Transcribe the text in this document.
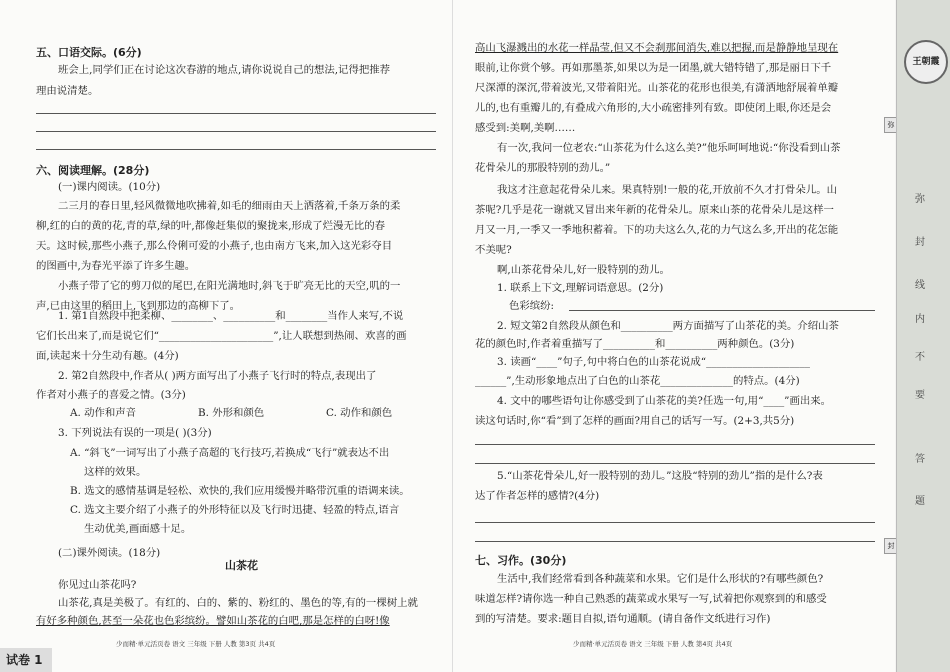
五、口语交际。(6分)
班会上,同学们正在讨论这次春游的地点,请你说说自己的想法,记得把推荐
理由说清楚。
六、阅读理解。(28分)
(一)课内阅读。(10分)
二三月的春日里,轻风微微地吹拂着,如毛的细雨由天上洒落着,千条万条的柔
柳,红的白的黄的花,青的草,绿的叶,都像赶集似的聚拢来,形成了烂漫无比的春
天。这时候,那些小燕子,那么伶俐可爱的小燕子,也由南方飞来,加入这光彩夺目
的图画中,为春光平添了许多生趣。
小燕子带了它的剪刀似的尾巴,在阳光满地时,斜飞于旷亮无比的天空,叽的一
声,已由这里的稻田上,飞到那边的高柳下了。
1. 第1自然段中把柔柳、________、__________和________当作人来写,不说
它们长出来了,而是说它们“______________________”,让人联想到热闹、欢喜的画
面,读起来十分生动有趣。(4分)
2. 第2自然段中,作者从( )两方面写出了小燕子飞行时的特点,表现出了
作者对小燕子的喜爱之情。(3分)
A. 动作和声音	B. 外形和颜色	C. 动作和颜色
3. 下列说法有误的一项是( )(3分)
A. “斜飞”一词写出了小燕子高超的飞行技巧,若换成“飞行”就表达不出
这样的效果。
B. 选文的感情基调是轻松、欢快的,我们应用缓慢并略带沉重的语调来读。
C. 选文主要介绍了小燕子的外形特征以及飞行时迅捷、轻盈的特点,语言
生动优美,画面感十足。
(二)课外阅读。(18分)
山茶花
你见过山茶花吗?
山茶花,真是美极了。有红的、白的、紫的、粉红的、墨色的等,有的一棵树上就
有好多种颜色,甚至一朵花也色彩缤纷。譬如山茶花的白吧,那是怎样的白呀!像
少而精·单元活页卷 语文 三年级 下册 人教 第3页 共4页
试卷 1
高山飞瀑溅出的水花一样晶莹,但又不会刹那间消失,难以把握,而是静静地呈现在
眼前,让你赏个够。再如那墨茶,如果以为是一团墨,就大错特错了,那是丽日下千
尺深潭的深沉,带着波光,又带着阳光。山茶花的花形也很美,有潇洒地舒展着单瓣
儿的,也有重瓣儿的,有叠成六角形的,大小疏密排列有致。即使闭上眼,你还是会
感受到:美啊,美啊……
有一次,我问一位老农:“山茶花为什么这么美?”他乐呵呵地说:“你没看到山茶
花骨朵儿的那股特别的劲儿。”
我这才注意起花骨朵儿来。果真特别!一般的花,开放前不久才打骨朵儿。山
茶呢?几乎是花一谢就又冒出来年新的花骨朵儿。原来山茶的花骨朵儿是这样一
月又一月,一季又一季地积蓄着。下的功夫这么久,花的力气这么多,开出的花怎能
不美呢?
啊,山茶花骨朵儿,好一股特别的劲儿。
1. 联系上下文,理解词语意思。(2分)
色彩缤纷:
2. 短文第2自然段从颜色和__________两方面描写了山茶花的美。介绍山茶
花的颜色时,作者着重描写了__________和__________两种颜色。(3分)
3. 读画“____”句子,句中将白色的山茶花说成“____________________
______”,生动形象地点出了白色的山茶花______________的特点。(4分)
4. 文中的哪些语句让你感受到了山茶花的美?任选一句,用“____”画出来。
读这句话时,你“看”到了怎样的画面?用自己的话写一写。(2+3,共5分)
5.“山茶花骨朵儿,好一股特别的劲儿。”这股“特别的劲儿”指的是什么?表
达了作者怎样的感情?(4分)
七、习作。(30分)
生活中,我们经常看到各种蔬菜和水果。它们是什么形状的?有哪些颜色?
味道怎样?请你选一种自己熟悉的蔬菜或水果写一写,试着把你观察到的和感受
到的写清楚。要求:题目自拟,语句通顺。(请自备作文纸进行习作)
少而精·单元活页卷 语文 三年级 下册 人教 第4页 共4页
弥
封
王朝霞
弥
封
线
内
不
要
答
题
